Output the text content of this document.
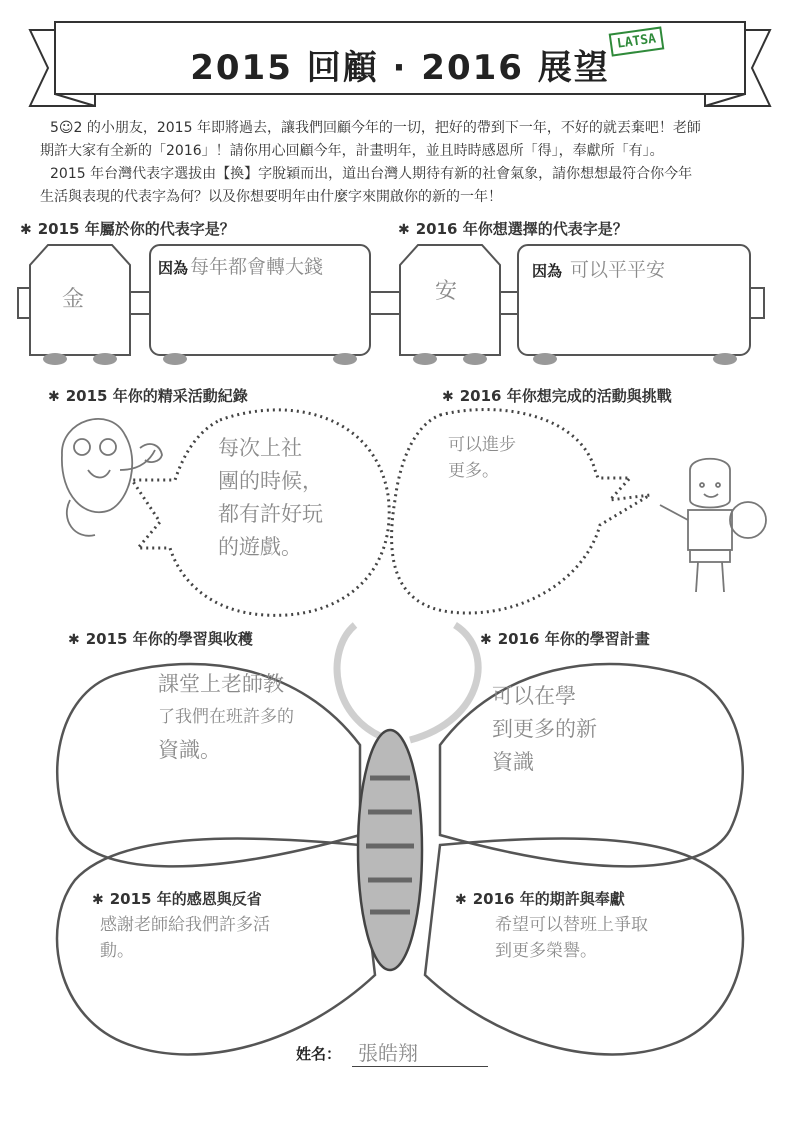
2015 回顧 · 2016 展望
LATSA
5☺2 的小朋友，2015 年即將過去，讓我們回顧今年的一切，把好的帶到下一年，不好的就丟棄吧！老師
期許大家有全新的「2016」！請你用心回顧今年，計畫明年，並且時時感恩所「得」，奉獻所「有」。
2015 年台灣代表字選拔由【換】字脫穎而出，道出台灣人期待有新的社會氣象，請你想想最符合你今年
生活與表現的代表字為何？以及你想要明年由什麼字來開啟你的新的一年！
✱ 2015 年屬於你的代表字是？	✱ 2016 年你想選擇的代表字是？
金
因為 每年都會轉大錢
安
因為 可以平平安
✱ 2015 年你的精采活動紀錄	✱ 2016 年你想完成的活動與挑戰
每次上社
團的時候，
都有許好玩
的遊戲。
可以進步
更多。
✱ 2015 年你的學習與收穫	✱ 2016 年你的學習計畫
課堂上老師教
了我們在班許多的
資識。
可以在學
到更多的新
資識
✱ 2015 年的感恩與反省	✱ 2016 年的期許與奉獻
感謝老師給我們許多活
動。
希望可以替班上爭取
到更多榮譽。
姓名： 張皓翔
